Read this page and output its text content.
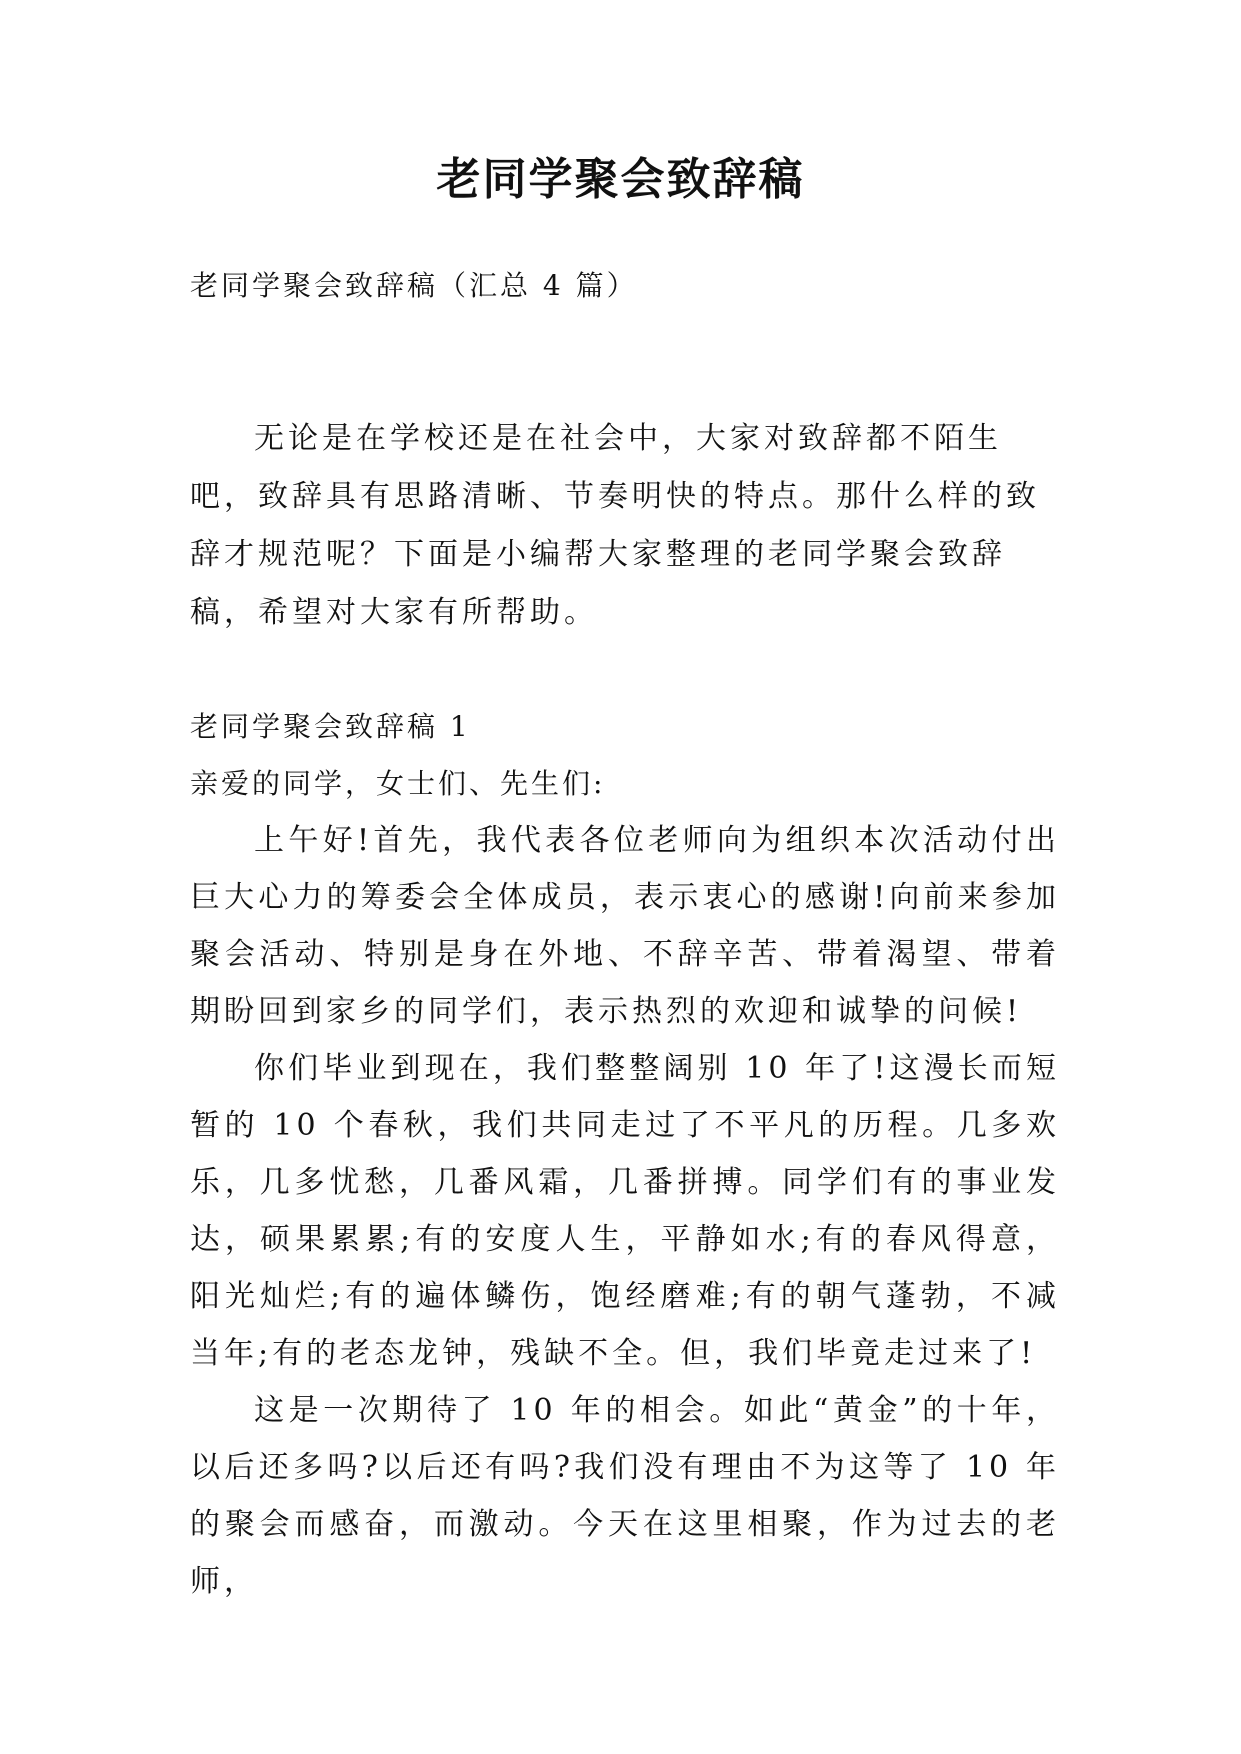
老同学聚会致辞稿

老同学聚会致辞稿（汇总 4 篇）

无论是在学校还是在社会中，大家对致辞都不陌生吧，致辞具有思路清晰、节奏明快的特点。那什么样的致辞才规范呢？下面是小编帮大家整理的老同学聚会致辞稿，希望对大家有所帮助。

老同学聚会致辞稿 1

亲爱的同学，女士们、先生们:

上午好!首先，我代表各位老师向为组织本次活动付出巨大心力的筹委会全体成员，表示衷心的感谢!向前来参加聚会活动、特别是身在外地、不辞辛苦、带着渴望、带着期盼回到家乡的同学们，表示热烈的欢迎和诚挚的问候!

你们毕业到现在，我们整整阔别 10 年了!这漫长而短暂的 10 个春秋，我们共同走过了不平凡的历程。几多欢乐，几多忧愁，几番风霜，几番拼搏。同学们有的事业发达，硕果累累;有的安度人生，平静如水;有的春风得意，阳光灿烂;有的遍体鳞伤，饱经磨难;有的朝气蓬勃，不减当年;有的老态龙钟，残缺不全。但，我们毕竟走过来了!

这是一次期待了 10 年的相会。如此“黄金”的十年，以后还多吗?以后还有吗?我们没有理由不为这等了 10 年的聚会而感奋，而激动。今天在这里相聚，作为过去的老师，
